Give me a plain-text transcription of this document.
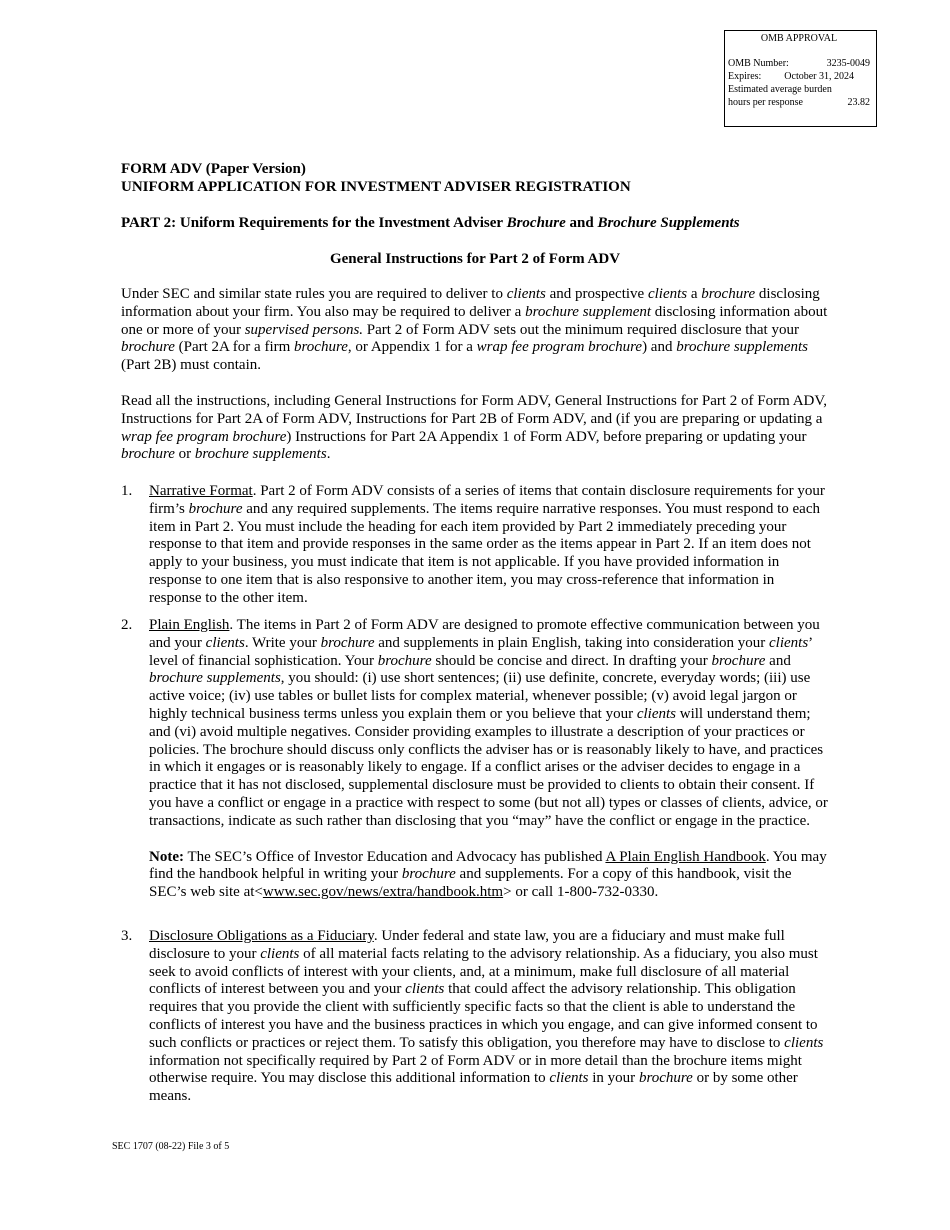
OMB APPROVAL
OMB Number:	3235-0049
Expires: October 31, 2024
Estimated average burden
hours per response	23.82
FORM ADV (Paper Version)
UNIFORM APPLICATION FOR INVESTMENT ADVISER REGISTRATION
PART 2: Uniform Requirements for the Investment Adviser Brochure and Brochure Supplements
General Instructions for Part 2 of Form ADV
Under SEC and similar state rules you are required to deliver to clients and prospective clients a brochure disclosing information about your firm. You also may be required to deliver a brochure supplement disclosing information about one or more of your supervised persons. Part 2 of Form ADV sets out the minimum required disclosure that your brochure (Part 2A for a firm brochure, or Appendix 1 for a wrap fee program brochure) and brochure supplements (Part 2B) must contain.
Read all the instructions, including General Instructions for Form ADV, General Instructions for Part 2 of Form ADV, Instructions for Part 2A of Form ADV, Instructions for Part 2B of Form ADV, and (if you are preparing or updating a wrap fee program brochure) Instructions for Part 2A Appendix 1 of Form ADV, before preparing or updating your brochure or brochure supplements.
1. Narrative Format. Part 2 of Form ADV consists of a series of items that contain disclosure requirements for your firm’s brochure and any required supplements. The items require narrative responses. You must respond to each item in Part 2. You must include the heading for each item provided by Part 2 immediately preceding your response to that item and provide responses in the same order as the items appear in Part 2. If an item does not apply to your business, you must indicate that item is not applicable. If you have provided information in response to one item that is also responsive to another item, you may cross-reference that information in response to the other item.
2. Plain English. The items in Part 2 of Form ADV are designed to promote effective communication between you and your clients. Write your brochure and supplements in plain English, taking into consideration your clients’ level of financial sophistication. Your brochure should be concise and direct. In drafting your brochure and brochure supplements, you should: (i) use short sentences; (ii) use definite, concrete, everyday words; (iii) use active voice; (iv) use tables or bullet lists for complex material, whenever possible; (v) avoid legal jargon or highly technical business terms unless you explain them or you believe that your clients will understand them; and (vi) avoid multiple negatives. Consider providing examples to illustrate a description of your practices or policies. The brochure should discuss only conflicts the adviser has or is reasonably likely to have, and practices in which it engages or is reasonably likely to engage. If a conflict arises or the adviser decides to engage in a practice that it has not disclosed, supplemental disclosure must be provided to clients to obtain their consent. If you have a conflict or engage in a practice with respect to some (but not all) types or classes of clients, advice, or transactions, indicate as such rather than disclosing that you “may” have the conflict or engage in the practice.
Note: The SEC’s Office of Investor Education and Advocacy has published A Plain English Handbook. You may find the handbook helpful in writing your brochure and supplements. For a copy of this handbook, visit the SEC’s web site at<www.sec.gov/news/extra/handbook.htm> or call 1-800-732-0330.
3. Disclosure Obligations as a Fiduciary. Under federal and state law, you are a fiduciary and must make full disclosure to your clients of all material facts relating to the advisory relationship. As a fiduciary, you also must seek to avoid conflicts of interest with your clients, and, at a minimum, make full disclosure of all material conflicts of interest between you and your clients that could affect the advisory relationship. This obligation requires that you provide the client with sufficiently specific facts so that the client is able to understand the conflicts of interest you have and the business practices in which you engage, and can give informed consent to such conflicts or practices or reject them. To satisfy this obligation, you therefore may have to disclose to clients information not specifically required by Part 2 of Form ADV or in more detail than the brochure items might otherwise require. You may disclose this additional information to clients in your brochure or by some other means.
SEC 1707 (08-22) File 3 of 5
